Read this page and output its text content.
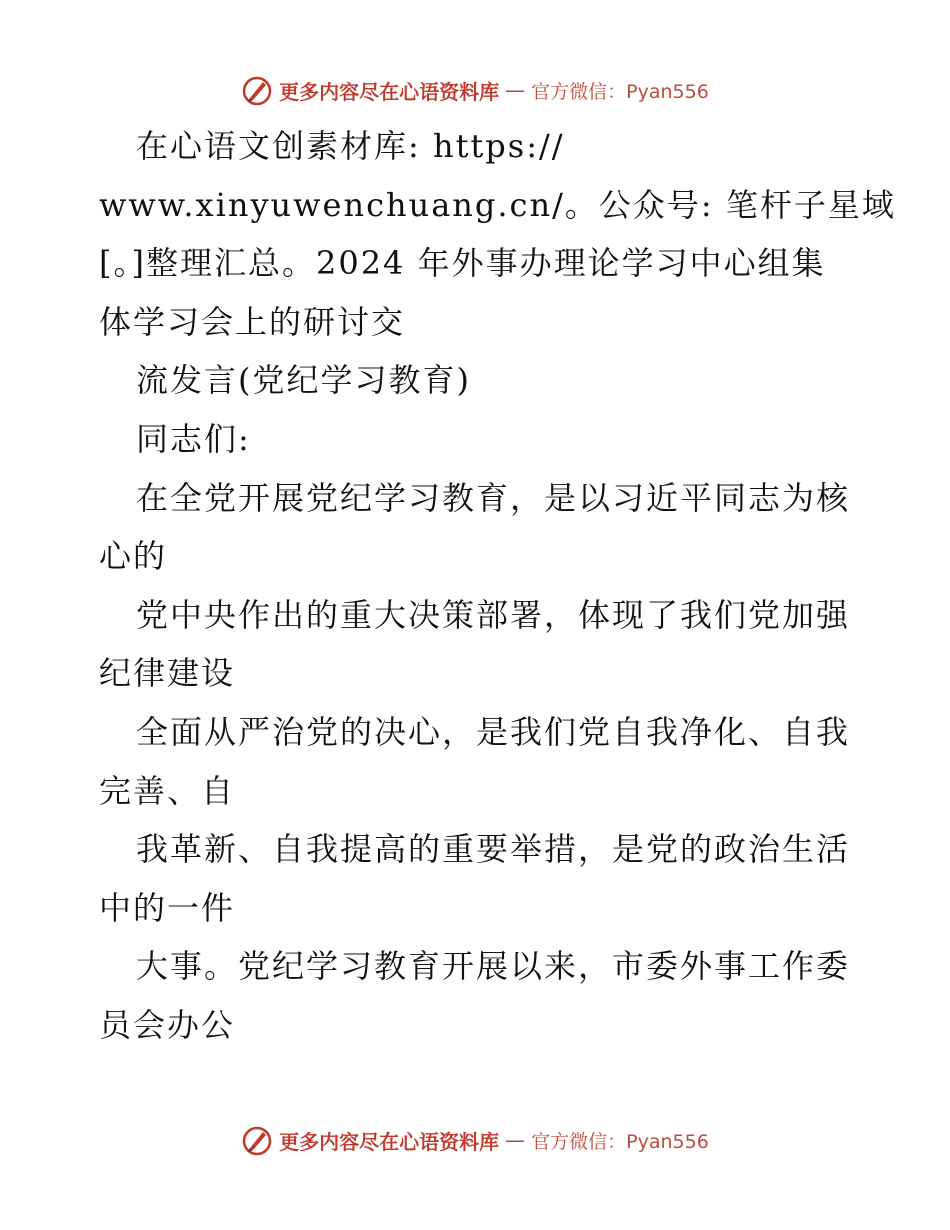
更多内容尽在心语资料库 — 官方微信：Pyan556
在心语文创素材库: https://
www.xinyuwenchuang.cn/。公众号: 笔杆子星域
[。]整理汇总。2024 年外事办理论学习中心组集
体学习会上的研讨交
流发言(党纪学习教育)
同志们:
在全党开展党纪学习教育，是以习近平同志为核
心的
党中央作出的重大决策部署，体现了我们党加强
纪律建设
全面从严治党的决心，是我们党自我净化、自我
完善、自
我革新、自我提高的重要举措，是党的政治生活
中的一件
大事。党纪学习教育开展以来，市委外事工作委
员会办公
更多内容尽在心语资料库 — 官方微信：Pyan556
